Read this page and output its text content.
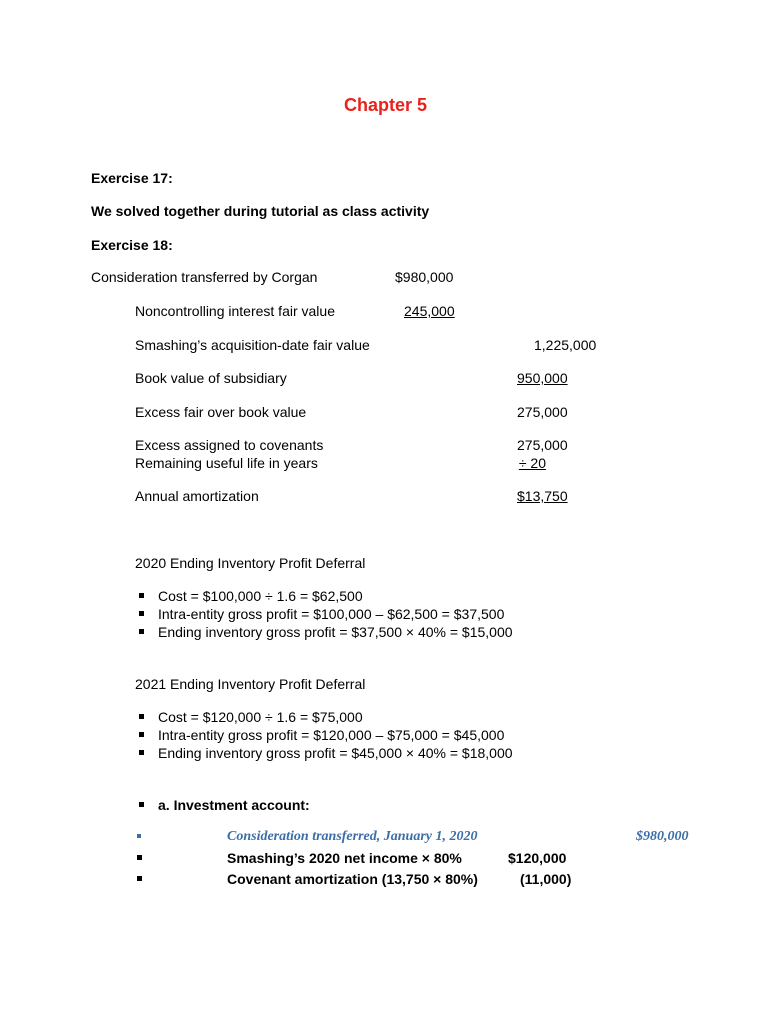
Chapter 5
Exercise 17:
We solved together during tutorial as class activity
Exercise 18:
Consideration transferred by Corgan	$980,000
Noncontrolling interest fair value	245,000
Smashing’s acquisition-date fair value	1,225,000
Book value of subsidiary	950,000
Excess fair over book value	275,000
Excess assigned to covenants	275,000
Remaining useful life in years	÷ 20
Annual amortization	$13,750
2020 Ending Inventory Profit Deferral
Cost = $100,000 ÷ 1.6 = $62,500
Intra-entity gross profit = $100,000 – $62,500 = $37,500
Ending inventory gross profit = $37,500 × 40% = $15,000
2021 Ending Inventory Profit Deferral
Cost = $120,000 ÷ 1.6 = $75,000
Intra-entity gross profit = $120,000 – $75,000 = $45,000
Ending inventory gross profit = $45,000 × 40% = $18,000
a. Investment account:
Consideration transferred, January 1, 2020	$980,000
Smashing’s 2020 net income × 80%	$120,000
Covenant amortization (13,750 × 80%)	(11,000)
